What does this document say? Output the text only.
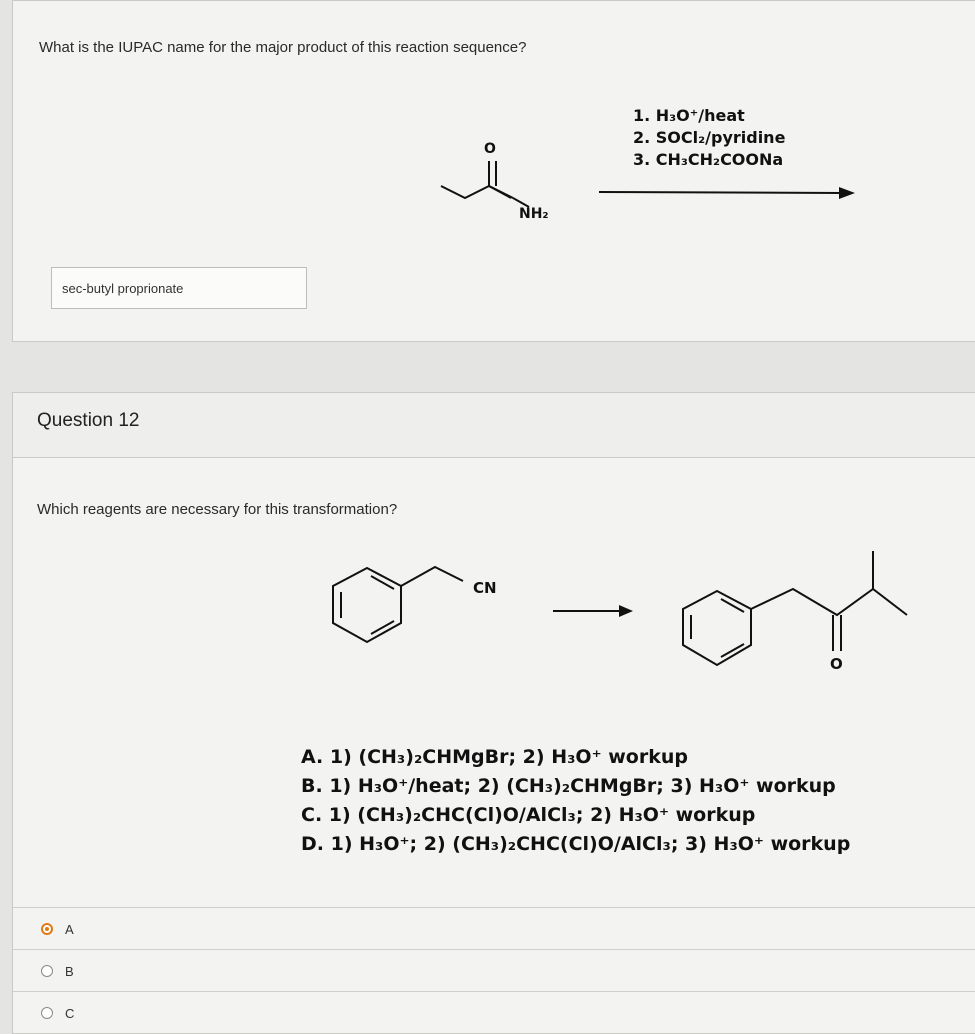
What is the IUPAC name for the major product of this reaction sequence?
1. H₃O⁺/heat
2. SOCl₂/pyridine
3. CH₃CH₂COONa
O
NH₂
sec-butyl proprionate
Question 12
Which reagents are necessary for this transformation?
CN
O
A. 1) (CH₃)₂CHMgBr; 2) H₃O⁺ workup
B. 1) H₃O⁺/heat; 2) (CH₃)₂CHMgBr; 3) H₃O⁺ workup
C. 1) (CH₃)₂CHC(Cl)O/AlCl₃; 2) H₃O⁺ workup
D. 1) H₃O⁺; 2) (CH₃)₂CHC(Cl)O/AlCl₃; 3) H₃O⁺ workup
A
B
C
